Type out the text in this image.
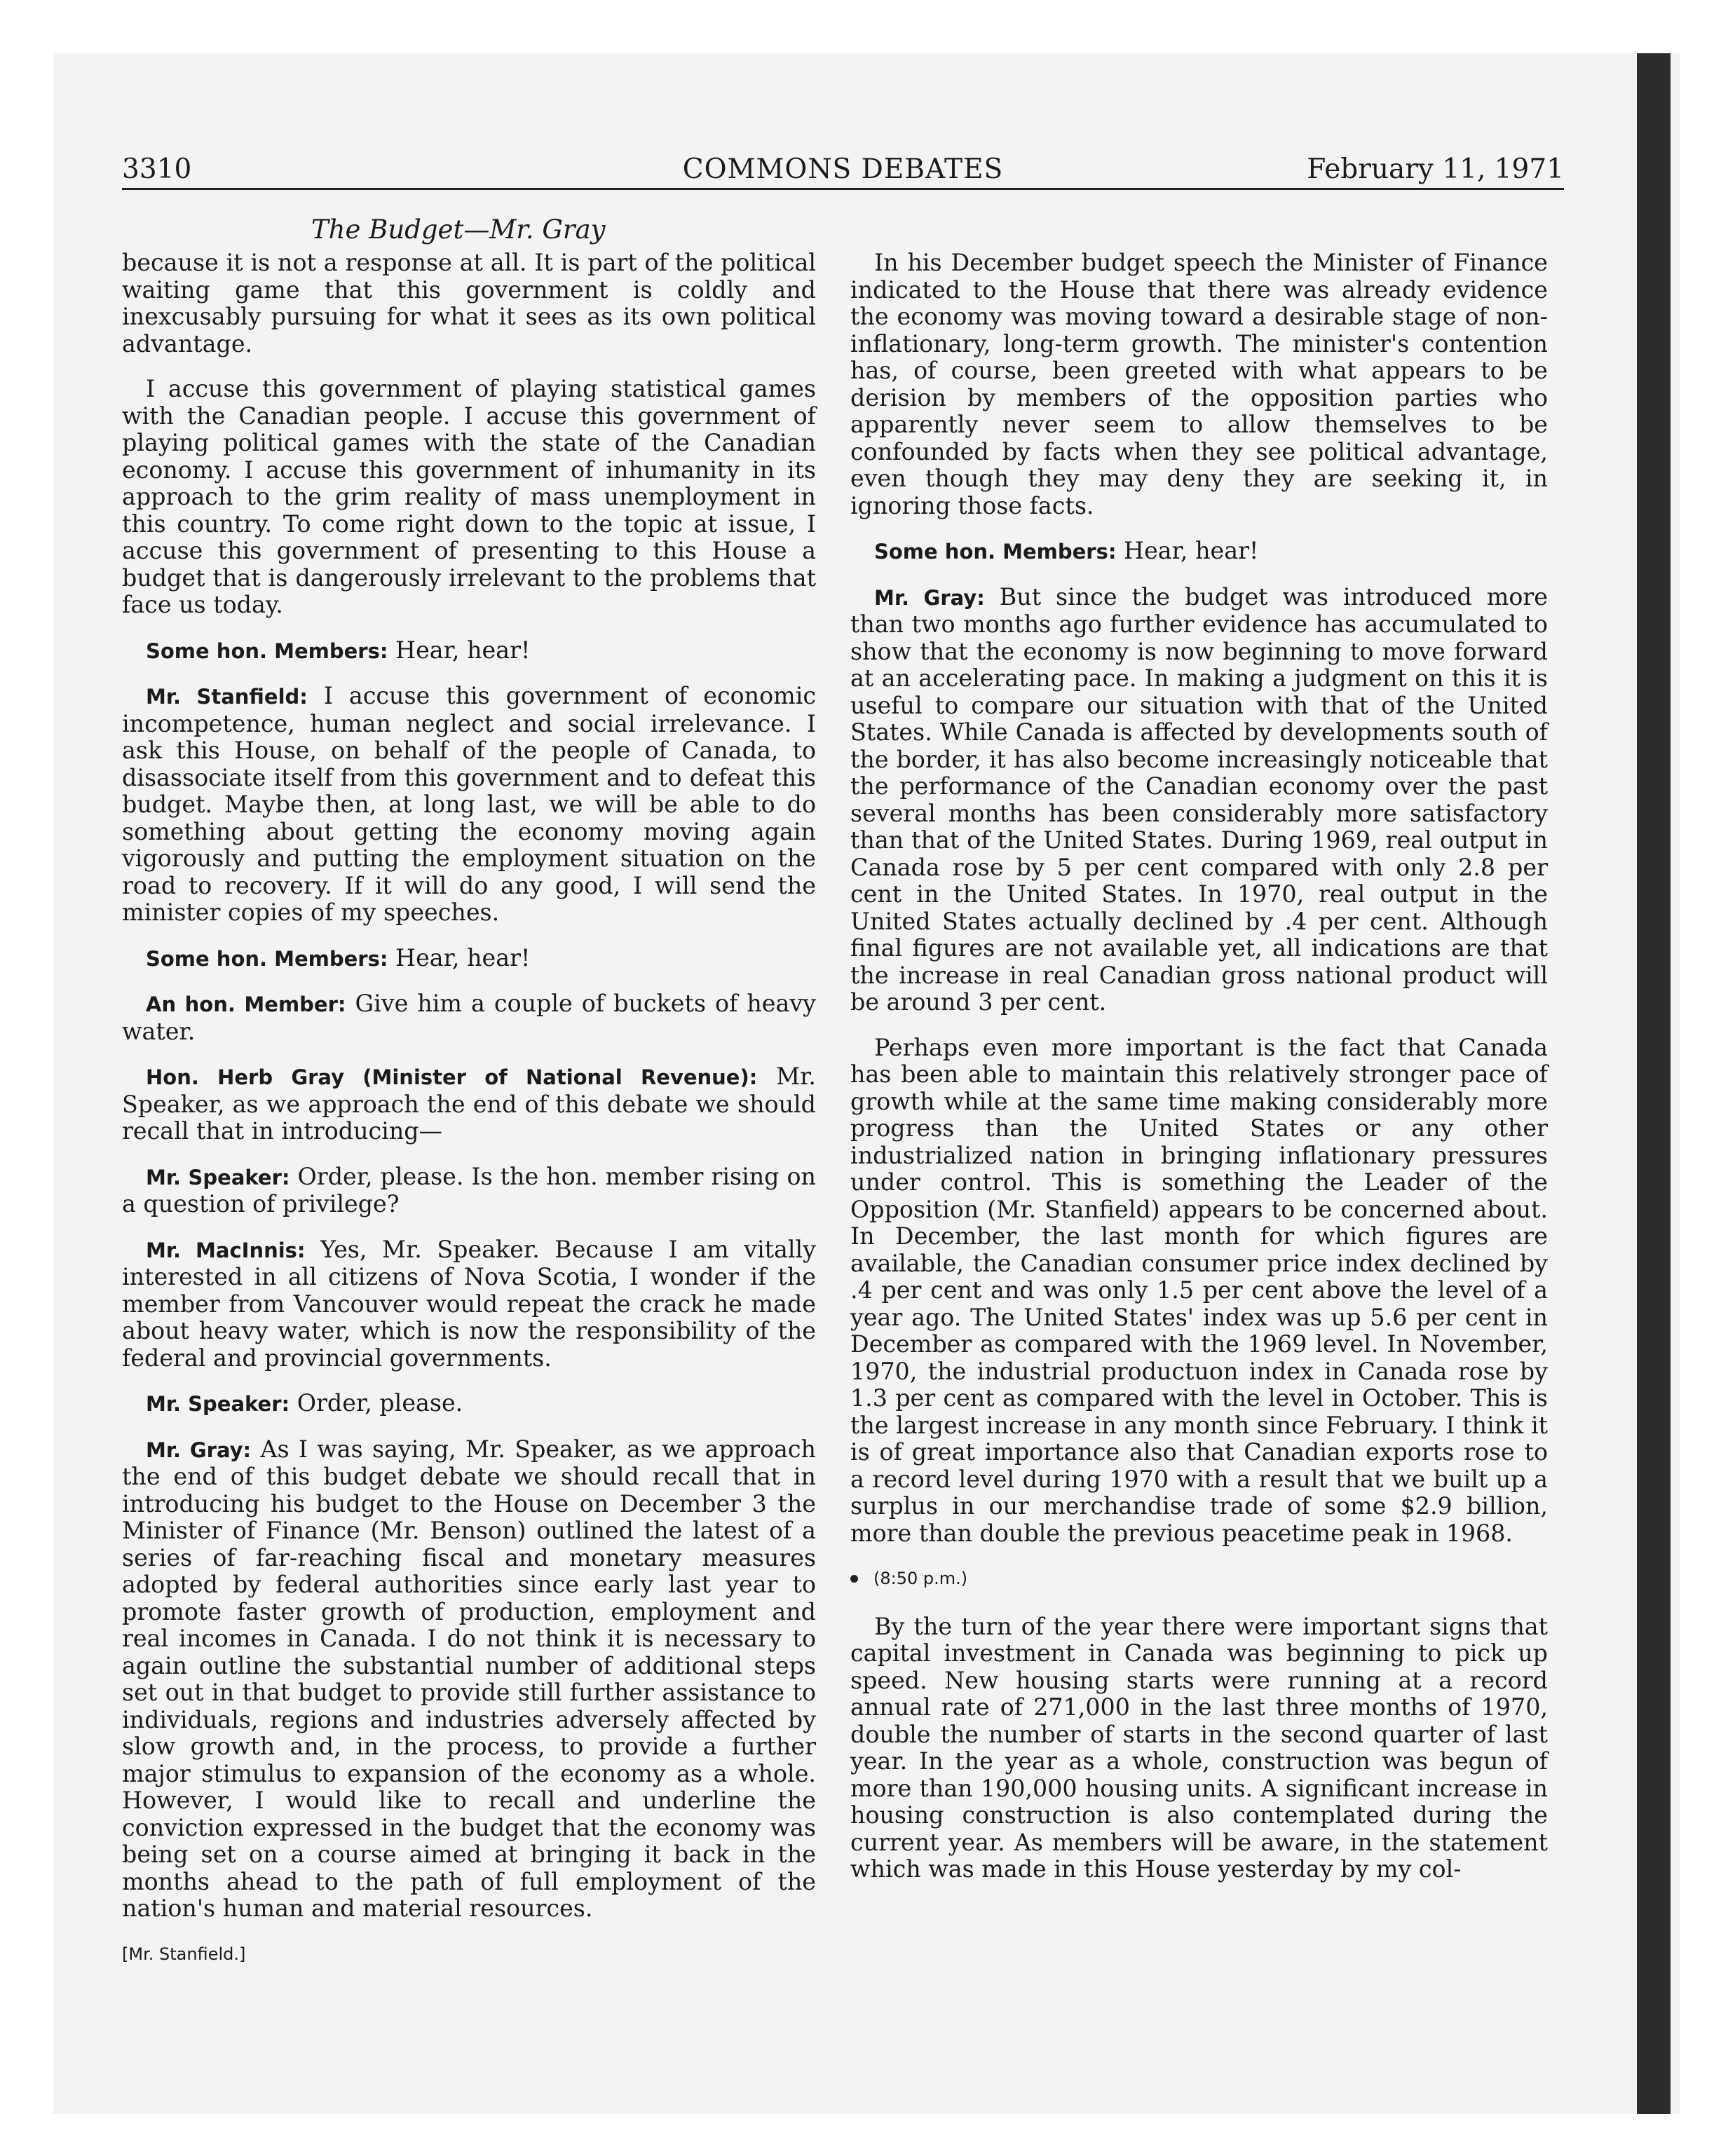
3310	COMMONS DEBATES	February 11, 1971
The Budget—Mr. Gray

because it is not a response at all. It is part of the political waiting game that this government is coldly and inexcusably pursuing for what it sees as its own political advantage.

I accuse this government of playing statistical games with the Canadian people. I accuse this government of playing political games with the state of the Canadian economy. I accuse this government of inhumanity in its approach to the grim reality of mass unemployment in this country. To come right down to the topic at issue, I accuse this government of presenting to this House a budget that is dangerously irrelevant to the problems that face us today.

Some hon. Members: Hear, hear!

Mr. Stanfield: I accuse this government of economic incompetence, human neglect and social irrelevance. I ask this House, on behalf of the people of Canada, to disassociate itself from this government and to defeat this budget. Maybe then, at long last, we will be able to do something about getting the economy moving again vigorously and putting the employment situation on the road to recovery. If it will do any good, I will send the minister copies of my speeches.

Some hon. Members: Hear, hear!

An hon. Member: Give him a couple of buckets of heavy water.

Hon. Herb Gray (Minister of National Revenue): Mr. Speaker, as we approach the end of this debate we should recall that in introducing—

Mr. Speaker: Order, please. Is the hon. member rising on a question of privilege?

Mr. MacInnis: Yes, Mr. Speaker. Because I am vitally interested in all citizens of Nova Scotia, I wonder if the member from Vancouver would repeat the crack he made about heavy water, which is now the responsibility of the federal and provincial governments.

Mr. Speaker: Order, please.

Mr. Gray: As I was saying, Mr. Speaker, as we approach the end of this budget debate we should recall that in introducing his budget to the House on December 3 the Minister of Finance (Mr. Benson) outlined the latest of a series of far-reaching fiscal and monetary measures adopted by federal authorities since early last year to promote faster growth of production, employment and real incomes in Canada. I do not think it is necessary to again outline the substantial number of additional steps set out in that budget to provide still further assistance to individuals, regions and industries adversely affected by slow growth and, in the process, to provide a further major stimulus to expansion of the economy as a whole. However, I would like to recall and underline the conviction expressed in the budget that the economy was being set on a course aimed at bringing it back in the months ahead to the path of full employment of the nation's human and material resources.

[Mr. Stanfield.]

In his December budget speech the Minister of Finance indicated to the House that there was already evidence the economy was moving toward a desirable stage of non-inflationary, long-term growth. The minister's contention has, of course, been greeted with what appears to be derision by members of the opposition parties who apparently never seem to allow themselves to be confounded by facts when they see political advantage, even though they may deny they are seeking it, in ignoring those facts.

Some hon. Members: Hear, hear!

Mr. Gray: But since the budget was introduced more than two months ago further evidence has accumulated to show that the economy is now beginning to move forward at an accelerating pace. In making a judgment on this it is useful to compare our situation with that of the United States. While Canada is affected by developments south of the border, it has also become increasingly noticeable that the performance of the Canadian economy over the past several months has been considerably more satisfactory than that of the United States. During 1969, real output in Canada rose by 5 per cent compared with only 2.8 per cent in the United States. In 1970, real output in the United States actually declined by .4 per cent. Although final figures are not available yet, all indications are that the increase in real Canadian gross national product will be around 3 per cent.

Perhaps even more important is the fact that Canada has been able to maintain this relatively stronger pace of growth while at the same time making considerably more progress than the United States or any other industrialized nation in bringing inflationary pressures under control. This is something the Leader of the Opposition (Mr. Stanfield) appears to be concerned about. In December, the last month for which figures are available, the Canadian consumer price index declined by .4 per cent and was only 1.5 per cent above the level of a year ago. The United States' index was up 5.6 per cent in December as compared with the 1969 level. In November, 1970, the industrial productuon index in Canada rose by 1.3 per cent as compared with the level in October. This is the largest increase in any month since February. I think it is of great importance also that Canadian exports rose to a record level during 1970 with a result that we built up a surplus in our merchandise trade of some $2.9 billion, more than double the previous peacetime peak in 1968.

(8:50 p.m.)

By the turn of the year there were important signs that capital investment in Canada was beginning to pick up speed. New housing starts were running at a record annual rate of 271,000 in the last three months of 1970, double the number of starts in the second quarter of last year. In the year as a whole, construction was begun of more than 190,000 housing units. A significant increase in housing construction is also contemplated during the current year. As members will be aware, in the statement which was made in this House yesterday by my col-
